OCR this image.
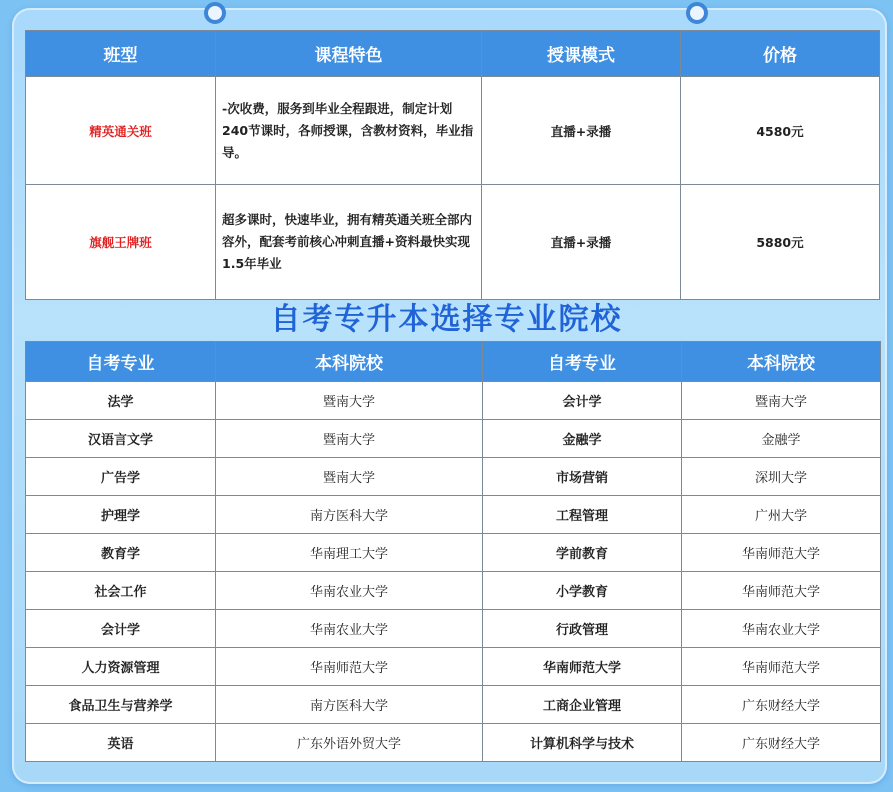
班型	课程特色	授课模式	价格
精英通关班	-次收费，服务到毕业全程跟进，制定计划240节课时，各师授课，含教材资料，毕业指导。	直播+录播	4580元
旗舰王牌班	超多课时，快速毕业，拥有精英通关班全部内容外，配套考前核心冲刺直播+资料最快实现1.5年毕业	直播+录播	5880元
自考专升本选择专业院校
自考专业	本科院校	自考专业	本科院校
法学	暨南大学	会计学	暨南大学
汉语言文学	暨南大学	金融学	金融学
广告学	暨南大学	市场营销	深圳大学
护理学	南方医科大学	工程管理	广州大学
教育学	华南理工大学	学前教育	华南师范大学
社会工作	华南农业大学	小学教育	华南师范大学
会计学	华南农业大学	行政管理	华南农业大学
人力资源管理	华南师范大学	华南师范大学	华南师范大学
食品卫生与营养学	南方医科大学	工商企业管理	广东财经大学
英语	广东外语外贸大学	计算机科学与技术	广东财经大学
